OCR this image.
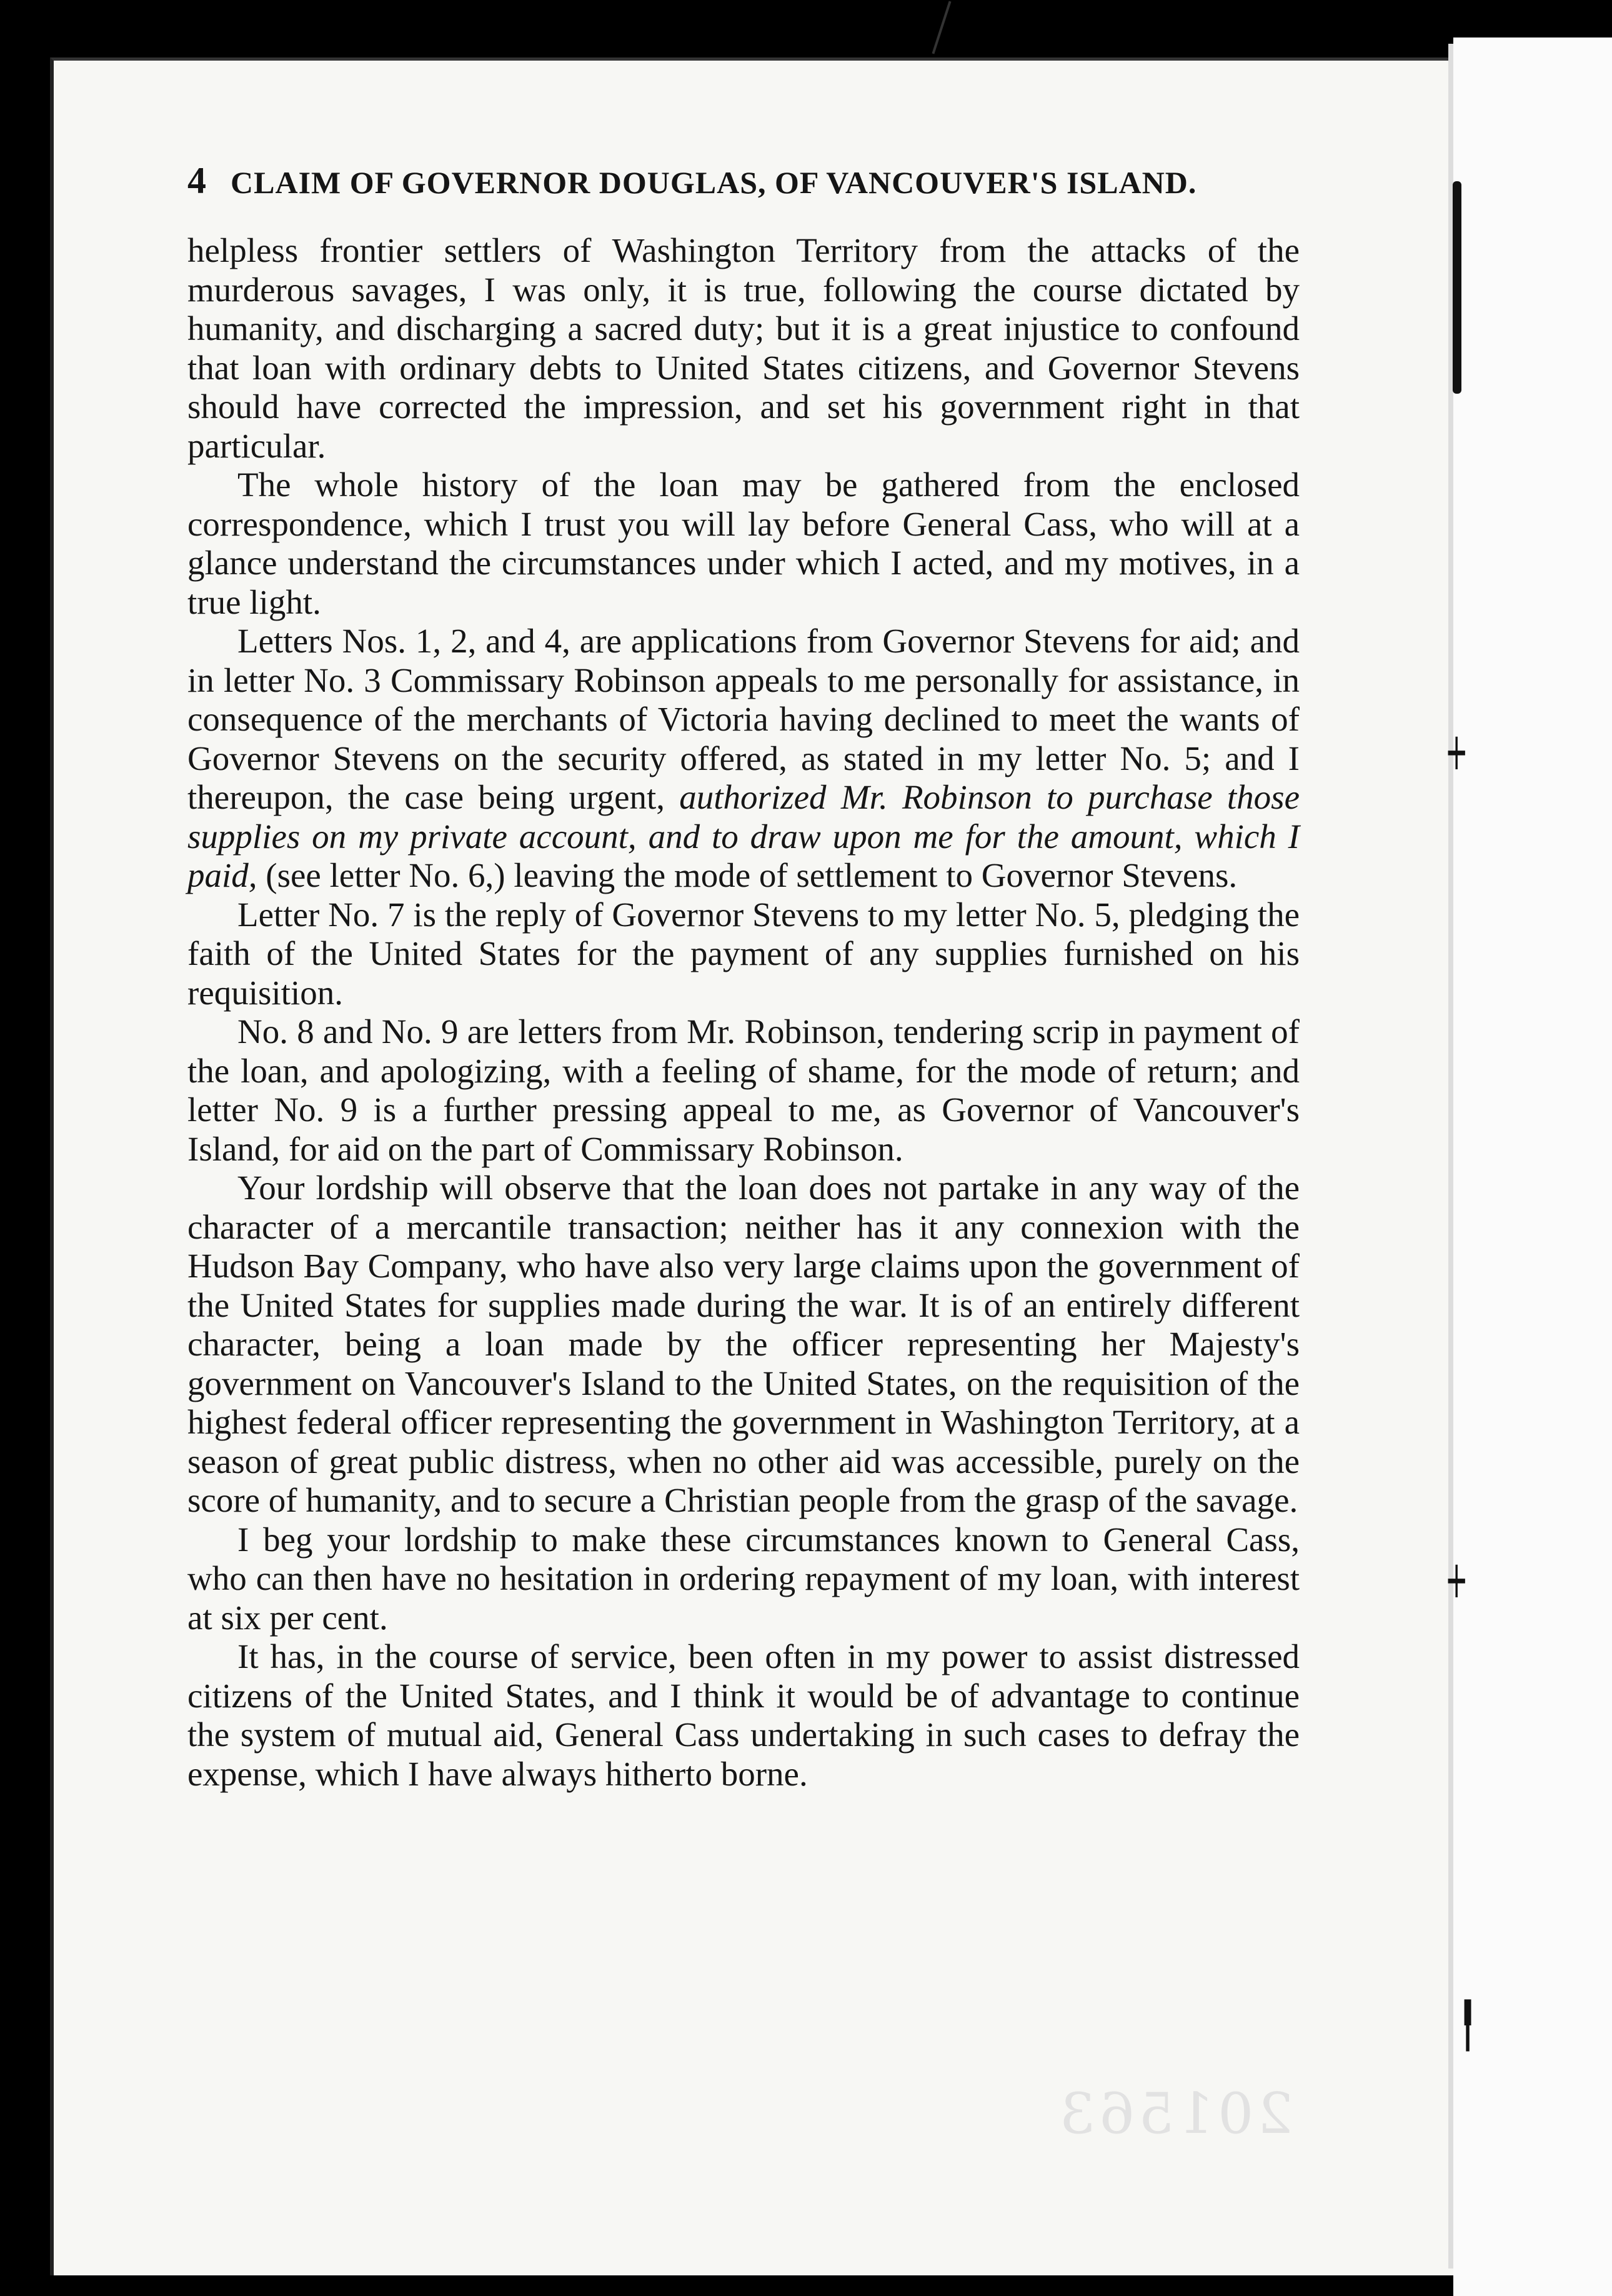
┿
┿
╿
4 CLAIM OF GOVERNOR DOUGLAS, OF VANCOUVER'S ISLAND.

helpless frontier settlers of Washington Territory from the attacks of the murderous savages, I was only, it is true, following the course dictated by humanity, and discharging a sacred duty; but it is a great injustice to confound that loan with ordinary debts to United States citizens, and Governor Stevens should have corrected the impression, and set his government right in that particular.

The whole history of the loan may be gathered from the enclosed correspondence, which I trust you will lay before General Cass, who will at a glance understand the circumstances under which I acted, and my motives, in a true light.

Letters Nos. 1, 2, and 4, are applications from Governor Stevens for aid; and in letter No. 3 Commissary Robinson appeals to me personally for assistance, in consequence of the merchants of Victoria having declined to meet the wants of Governor Stevens on the security offered, as stated in my letter No. 5; and I thereupon, the case being urgent, authorized Mr. Robinson to purchase those supplies on my private account, and to draw upon me for the amount, which I paid, (see letter No. 6,) leaving the mode of settlement to Governor Stevens.

Letter No. 7 is the reply of Governor Stevens to my letter No. 5, pledging the faith of the United States for the payment of any supplies furnished on his requisition.

No. 8 and No. 9 are letters from Mr. Robinson, tendering scrip in payment of the loan, and apologizing, with a feeling of shame, for the mode of return; and letter No. 9 is a further pressing appeal to me, as Governor of Vancouver's Island, for aid on the part of Commissary Robinson.

Your lordship will observe that the loan does not partake in any way of the character of a mercantile transaction; neither has it any connexion with the Hudson Bay Company, who have also very large claims upon the government of the United States for supplies made during the war. It is of an entirely different character, being a loan made by the officer representing her Majesty's government on Vancouver's Island to the United States, on the requisition of the highest federal officer representing the government in Washington Territory, at a season of great public distress, when no other aid was accessible, purely on the score of humanity, and to secure a Christian people from the grasp of the savage.

I beg your lordship to make these circumstances known to General Cass, who can then have no hesitation in ordering repayment of my loan, with interest at six per cent.

It has, in the course of service, been often in my power to assist distressed citizens of the United States, and I think it would be of advantage to continue the system of mutual aid, General Cass undertaking in such cases to defray the expense, which I have always hitherto borne.

201563
